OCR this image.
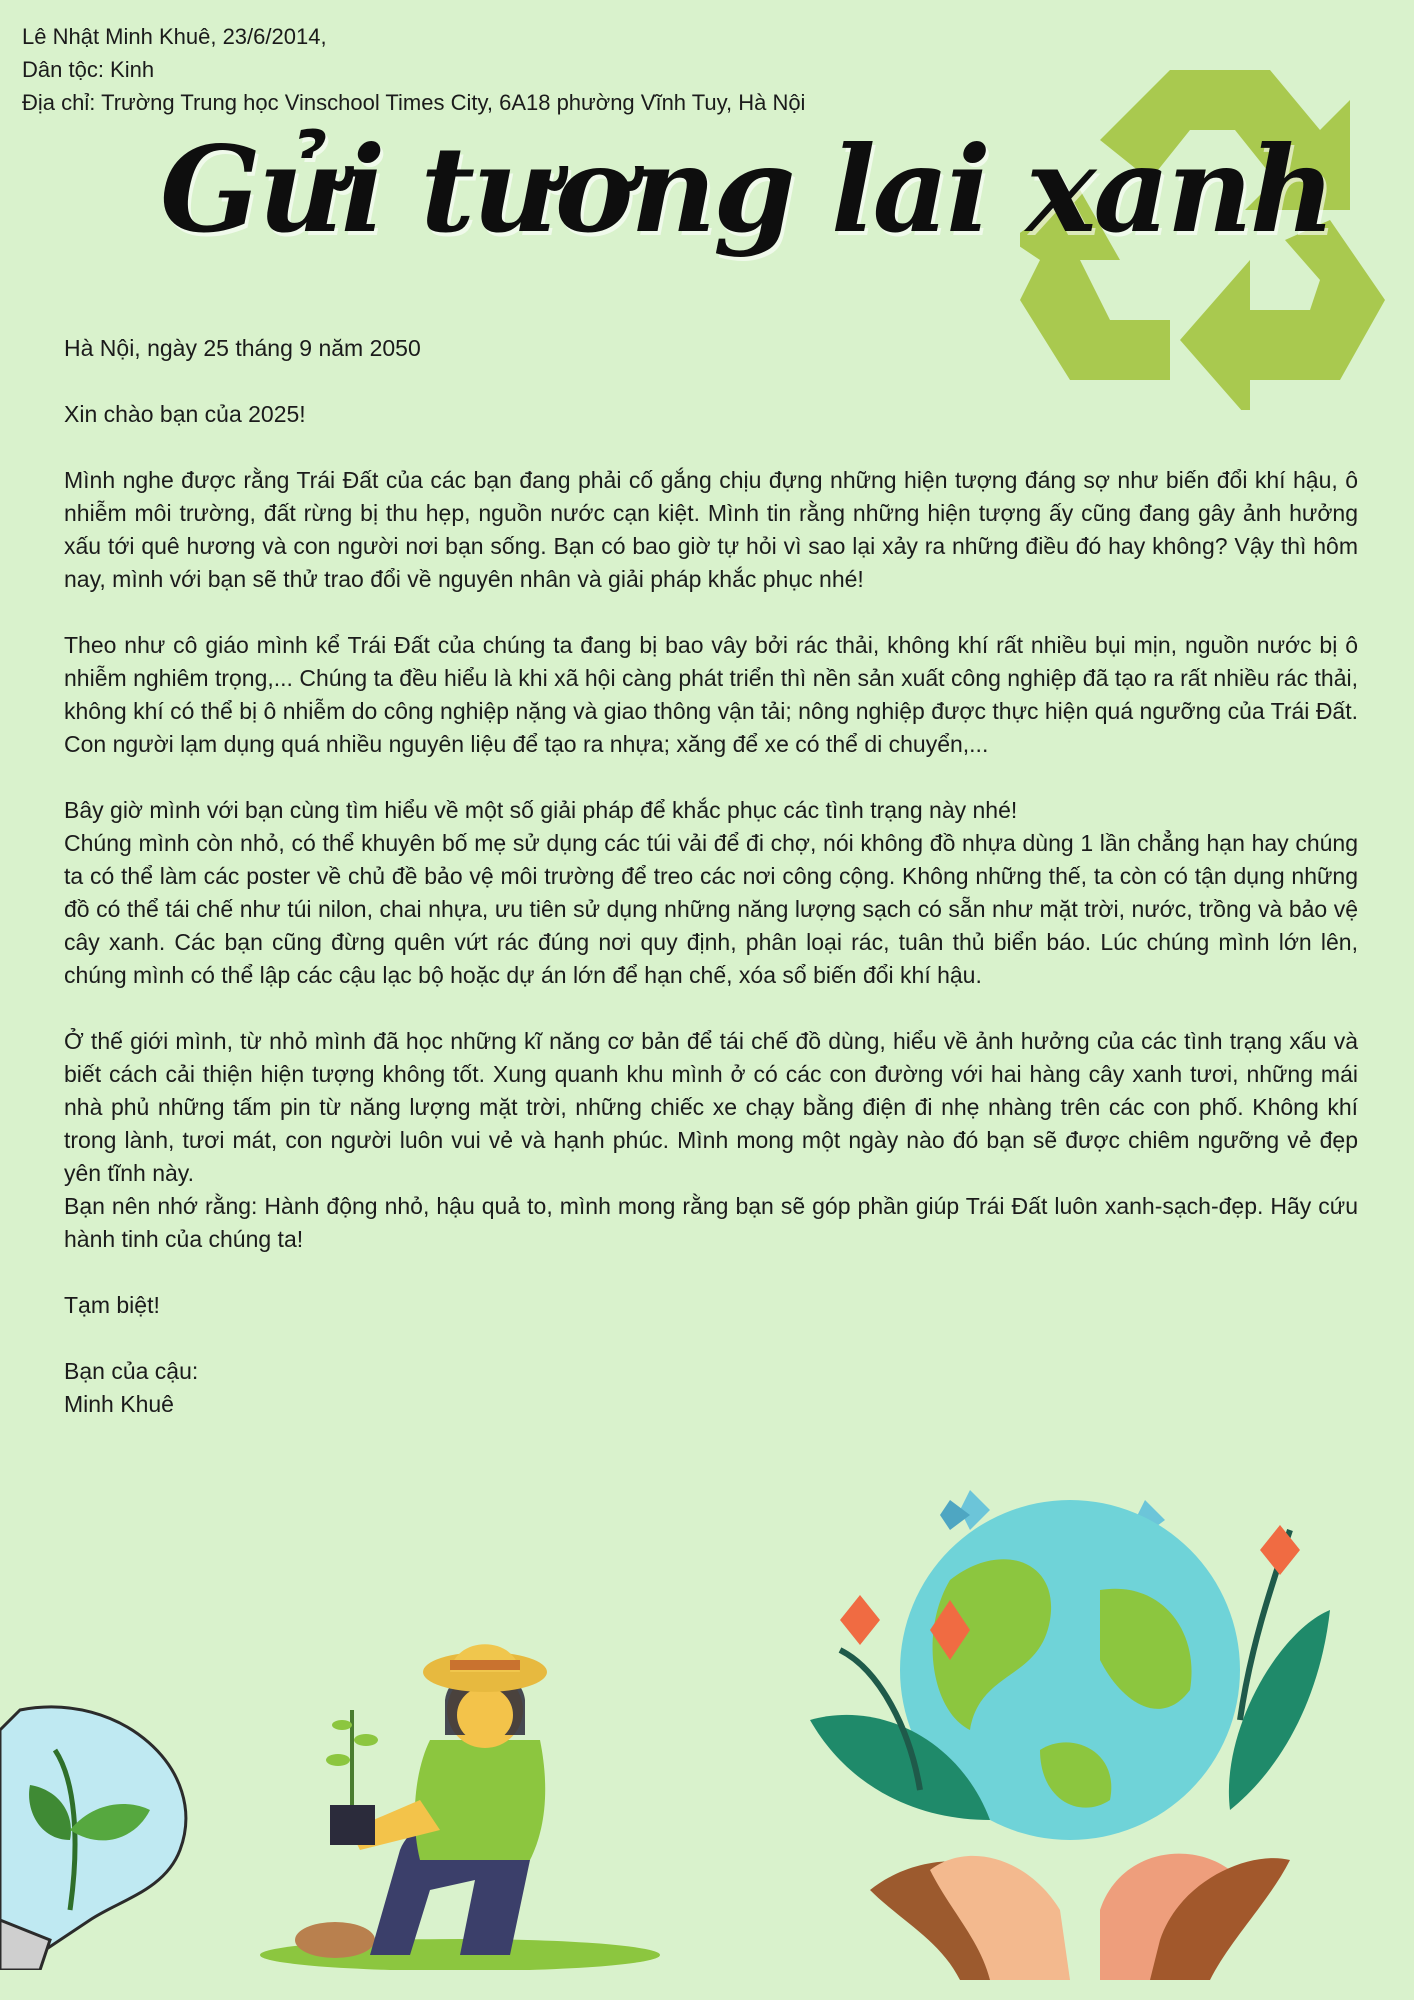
Lê Nhật Minh Khuê, 23/6/2014,
Dân tộc: Kinh
Địa chỉ: Trường Trung học Vinschool Times City, 6A18 phường Vĩnh Tuy, Hà Nội
Gửi tương lai xanh

Hà Nội, ngày 25 tháng 9 năm 2050

Xin chào bạn của 2025!

Mình nghe được rằng Trái Đất của các bạn đang phải cố gắng chịu đựng những hiện tượng đáng sợ như biến đổi khí hậu, ô nhiễm môi trường, đất rừng bị thu hẹp, nguồn nước cạn kiệt. Mình tin rằng những hiện tượng ấy cũng đang gây ảnh hưởng xấu tới quê hương và con người nơi bạn sống. Bạn có bao giờ tự hỏi vì sao lại xảy ra những điều đó hay không? Vậy thì hôm nay, mình với bạn sẽ thử trao đổi về nguyên nhân và giải pháp khắc phục nhé!

Theo như cô giáo mình kể Trái Đất của chúng ta đang bị bao vây bởi rác thải, không khí rất nhiều bụi mịn, nguồn nước bị ô nhiễm nghiêm trọng,... Chúng ta đều hiểu là khi xã hội càng phát triển thì nền sản xuất công nghiệp đã tạo ra rất nhiều rác thải, không khí có thể bị ô nhiễm do công nghiệp nặng và giao thông vận tải; nông nghiệp được thực hiện quá ngưỡng của Trái Đất. Con người lạm dụng quá nhiều nguyên liệu để tạo ra nhựa; xăng để xe có thể di chuyển,...

Bây giờ mình với bạn cùng tìm hiểu về một số giải pháp để khắc phục các tình trạng này nhé!

Chúng mình còn nhỏ, có thể khuyên bố mẹ sử dụng các túi vải để đi chợ, nói không đồ nhựa dùng 1 lần chẳng hạn hay chúng ta có thể làm các poster về chủ đề bảo vệ môi trường để treo các nơi công cộng. Không những thế, ta còn có tận dụng những đồ có thể tái chế như túi nilon, chai nhựa, ưu tiên sử dụng những năng lượng sạch có sẵn như mặt trời, nước, trồng và bảo vệ cây xanh. Các bạn cũng đừng quên vứt rác đúng nơi quy định, phân loại rác, tuân thủ biển báo. Lúc chúng mình lớn lên, chúng mình có thể lập các cậu lạc bộ hoặc dự án lớn để hạn chế, xóa sổ biến đổi khí hậu.

Ở thế giới mình, từ nhỏ mình đã học những kĩ năng cơ bản để tái chế đồ dùng, hiểu về ảnh hưởng của các tình trạng xấu và biết cách cải thiện hiện tượng không tốt. Xung quanh khu mình ở có các con đường với hai hàng cây xanh tươi, những mái nhà phủ những tấm pin từ năng lượng mặt trời, những chiếc xe chạy bằng điện đi nhẹ nhàng trên các con phố. Không khí trong lành, tươi mát, con người luôn vui vẻ và hạnh phúc. Mình mong một ngày nào đó bạn sẽ được chiêm ngưỡng vẻ đẹp yên tĩnh này.

Bạn nên nhớ rằng: Hành động nhỏ, hậu quả to, mình mong rằng bạn sẽ góp phần giúp Trái Đất luôn xanh-sạch-đẹp. Hãy cứu hành tinh của chúng ta!

Tạm biệt!

Bạn của cậu:

Minh Khuê
